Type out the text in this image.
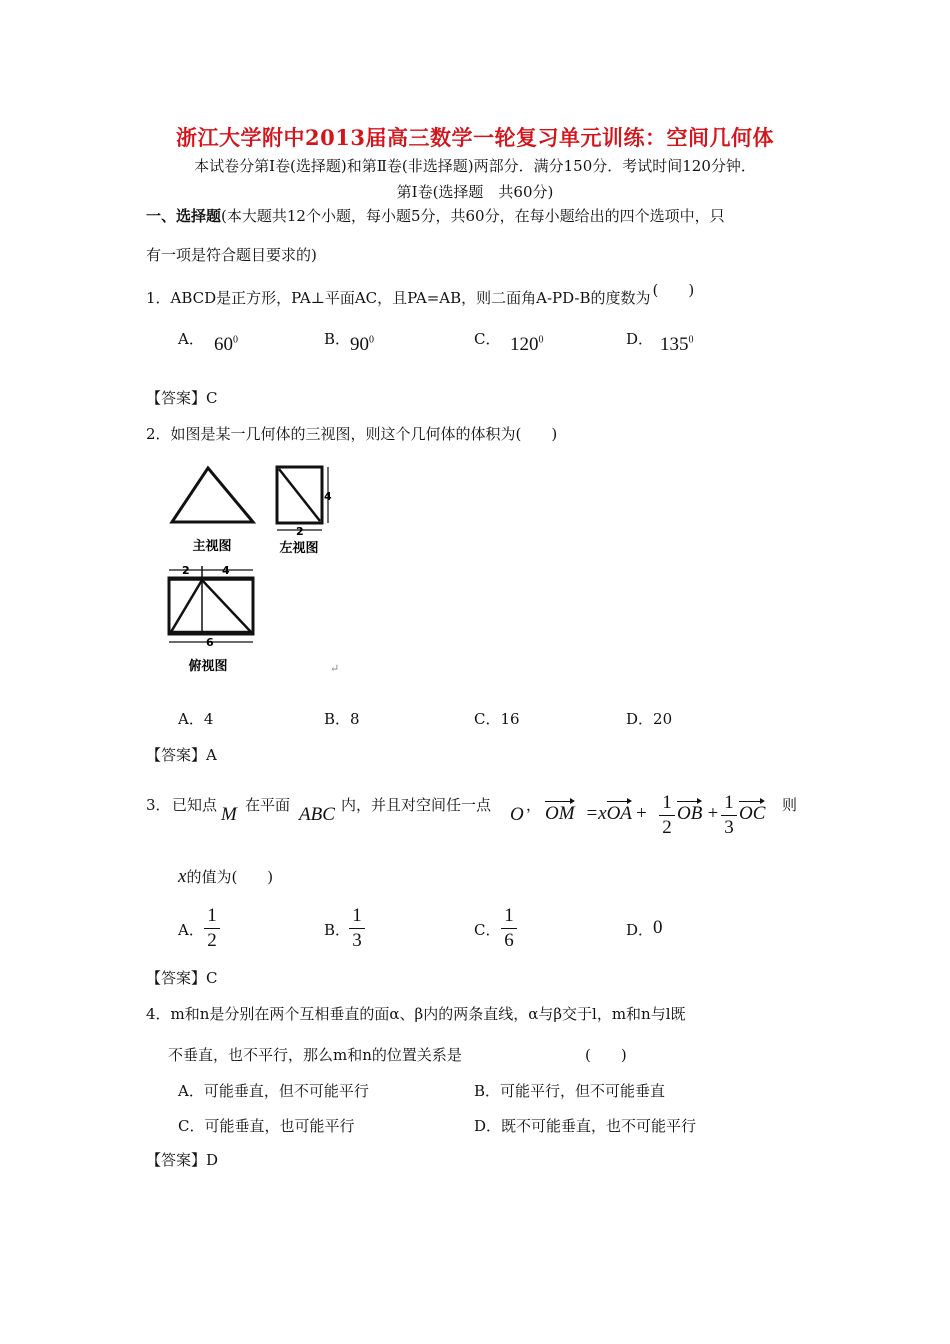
浙江大学附中2013届高三数学一轮复习单元训练：空间几何体
本试卷分第Ⅰ卷(选择题)和第Ⅱ卷(非选择题)两部分．满分150分．考试时间120分钟．
第Ⅰ卷(选择题　共60分)
一、选择题(本大题共12个小题，每小题5分，共60分，在每小题给出的四个选项中，只
有一项是符合题目要求的)
1．ABCD是正方形，PA⊥平面AC，且PA=AB，则二面角A-PD-B的度数为 (　　)
A． $60^0$	B． $90^0$	C． $120^0$	D． $135^0$
【答案】C
2．如图是某一几何体的三视图，则这个几何体的体积为(　　)
主视图
4
2
左视图
2	4
6
俯视图	↵
A．4	B．8	C．16	D．20
【答案】A
3． 已知点 M 在平面 ABC 内，并且对空间任一点 O ， OM =xOA +
1
2
OB +
1
3
OC 则
x的值为(　　)
A．
1
2	B．
1
3	C．
1
6	D． 0
【答案】C
4．m和n是分别在两个互相垂直的面α、β内的两条直线，α与β交于l，m和n与l既
不垂直，也不平行，那么m和n的位置关系是	(　　)
A．可能垂直，但不可能平行	B．可能平行，但不可能垂直
C．可能垂直，也可能平行	D．既不可能垂直，也不可能平行
【答案】D
